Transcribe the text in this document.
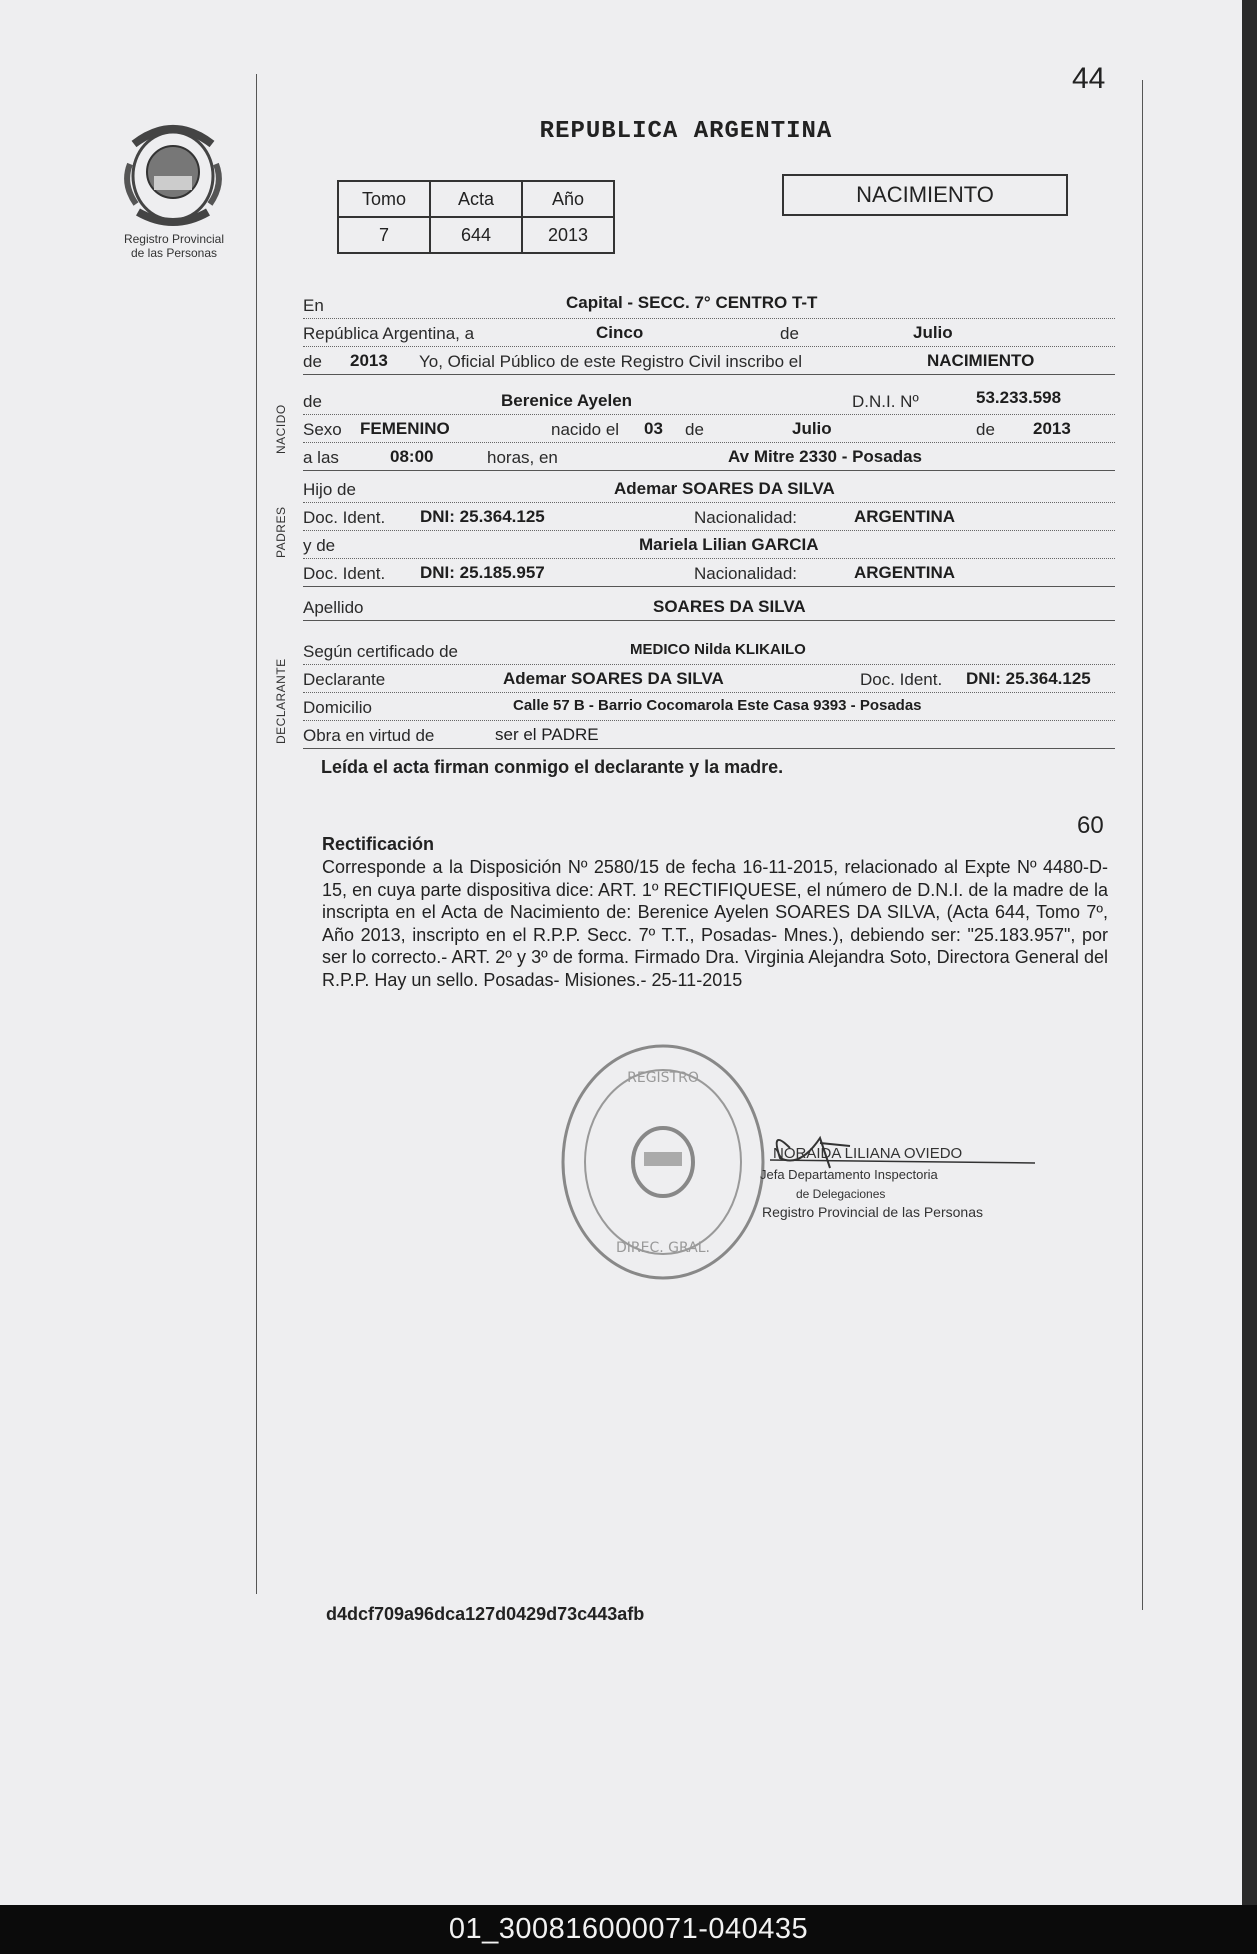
44
Registro Provincial
de las Personas
REPUBLICA ARGENTINA
Tomo	Acta	Año
7	644	2013
NACIMIENTO
En	Capital - SECC. 7° CENTRO T-T
República Argentina, a	Cinco	de	Julio
de 2013 Yo, Oficial Público de este Registro Civil inscribo el	NACIMIENTO
NACIDO
de	Berenice Ayelen	D.N.I. Nº	53.233.598
Sexo FEMENINO	nacido el 03 de	Julio	de 2013
a las	08:00	horas, en	Av Mitre 2330 - Posadas
PADRES
Hijo de	Ademar SOARES DA SILVA
Doc. Ident. DNI: 25.364.125	Nacionalidad:	ARGENTINA
y de	Mariela Lilian GARCIA
Doc. Ident. DNI: 25.185.957	Nacionalidad:	ARGENTINA
Apellido	SOARES DA SILVA
DECLARANTE
Según certificado de	MEDICO Nilda KLIKAILO
Declarante	Ademar SOARES DA SILVA	Doc. Ident. DNI: 25.364.125
Domicilio	Calle 57 B - Barrio Cocomarola Este Casa 9393 - Posadas
Obra en virtud de	ser el PADRE
Leída el acta firman conmigo el declarante y la madre.
60
Rectificación
Corresponde a la Disposición Nº 2580/15 de fecha 16-11-2015, relacionado al Expte Nº 4480-D-15, en cuya parte dispositiva dice: ART. 1º RECTIFIQUESE, el número de D.N.I. de la madre de la inscripta en el Acta de Nacimiento de: Berenice Ayelen SOARES DA SILVA, (Acta 644, Tomo 7º, Año 2013, inscripto en el R.P.P. Secc. 7º T.T., Posadas- Mnes.), debiendo ser: "25.183.957", por ser lo correcto.- ART. 2º y 3º de forma. Firmado Dra. Virginia Alejandra Soto, Directora General del R.P.P. Hay un sello. Posadas- Misiones.- 25-11-2015
REGISTRO
DIREC. GRAL.
NORAIDA LILIANA OVIEDO
Jefa Departamento Inspectoria
de Delegaciones
Registro Provincial de las Personas
d4dcf709a96dca127d0429d73c443afb
01_300816000071-040435
